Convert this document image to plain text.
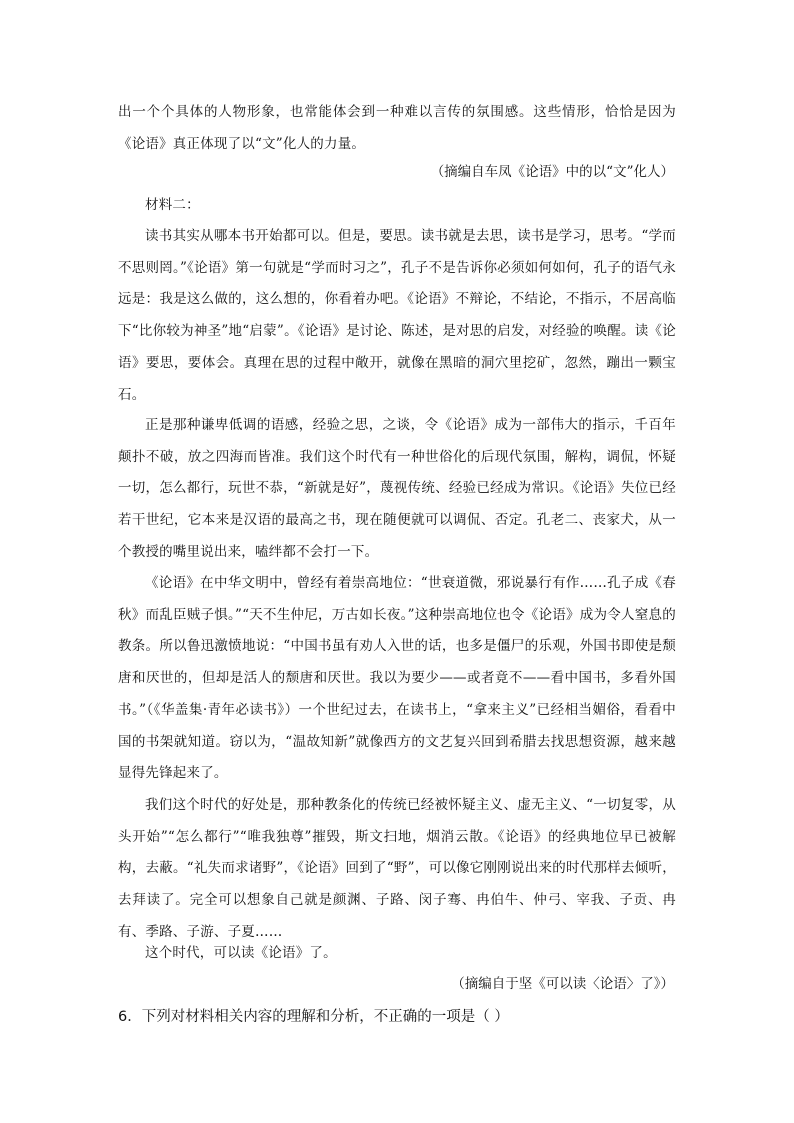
出一个个具体的人物形象，也常能体会到一种难以言传的氛围感。这些情形，恰恰是因为《论语》真正体现了以“文”化人的力量。

（摘编自车凤《论语》中的以“文”化人）

材料二：

读书其实从哪本书开始都可以。但是，要思。读书就是去思，读书是学习，思考。“学而不思则罔。”《论语》第一句就是“学而时习之”，孔子不是告诉你必须如何如何，孔子的语气永远是：我是这么做的，这么想的，你看着办吧。《论语》不辩论，不结论，不指示，不居高临下“比你较为神圣”地“启蒙”。《论语》是讨论、陈述，是对思的启发，对经验的唤醒。读《论语》要思，要体会。真理在思的过程中敞开，就像在黑暗的洞穴里挖矿，忽然，蹦出一颗宝石。

正是那种谦卑低调的语感，经验之思，之谈，令《论语》成为一部伟大的指示，千百年颠扑不破，放之四海而皆准。我们这个时代有一种世俗化的后现代氛围，解构，调侃，怀疑一切，怎么都行，玩世不恭，“新就是好”，蔑视传统、经验已经成为常识。《论语》失位已经若干世纪，它本来是汉语的最高之书，现在随便就可以调侃、否定。孔老二、丧家犬，从一个教授的嘴里说出来，嗑绊都不会打一下。

《论语》在中华文明中，曾经有着崇高地位：“世衰道微，邪说暴行有作……孔子成《春秋》而乱臣贼子惧。”“天不生仲尼，万古如长夜。”这种崇高地位也令《论语》成为令人窒息的教条。所以鲁迅激愤地说：“中国书虽有劝人入世的话，也多是僵尸的乐观，外国书即使是颓唐和厌世的，但却是活人的颓唐和厌世。我以为要少——或者竟不——看中国书，多看外国书。”（《华盖集·青年必读书》）一个世纪过去，在读书上，“拿来主义”已经相当媚俗，看看中国的书架就知道。窃以为，“温故知新”就像西方的文艺复兴回到希腊去找思想资源，越来越显得先锋起来了。

我们这个时代的好处是，那种教条化的传统已经被怀疑主义、虚无主义、“一切复零，从头开始”“怎么都行”“唯我独尊”摧毁，斯文扫地，烟消云散。《论语》的经典地位早已被解构，去蔽。“礼失而求诸野”，《论语》回到了“野”，可以像它刚刚说出来的时代那样去倾听，去拜读了。完全可以想象自己就是颜渊、子路、闵子骞、冉伯牛、仲弓、宰我、子贡、冉有、季路、子游、子夏……

这个时代，可以读《论语》了。

（摘编自于坚《可以读〈论语〉了》）

6．下列对材料相关内容的理解和分析，不正确的一项是（ ）
